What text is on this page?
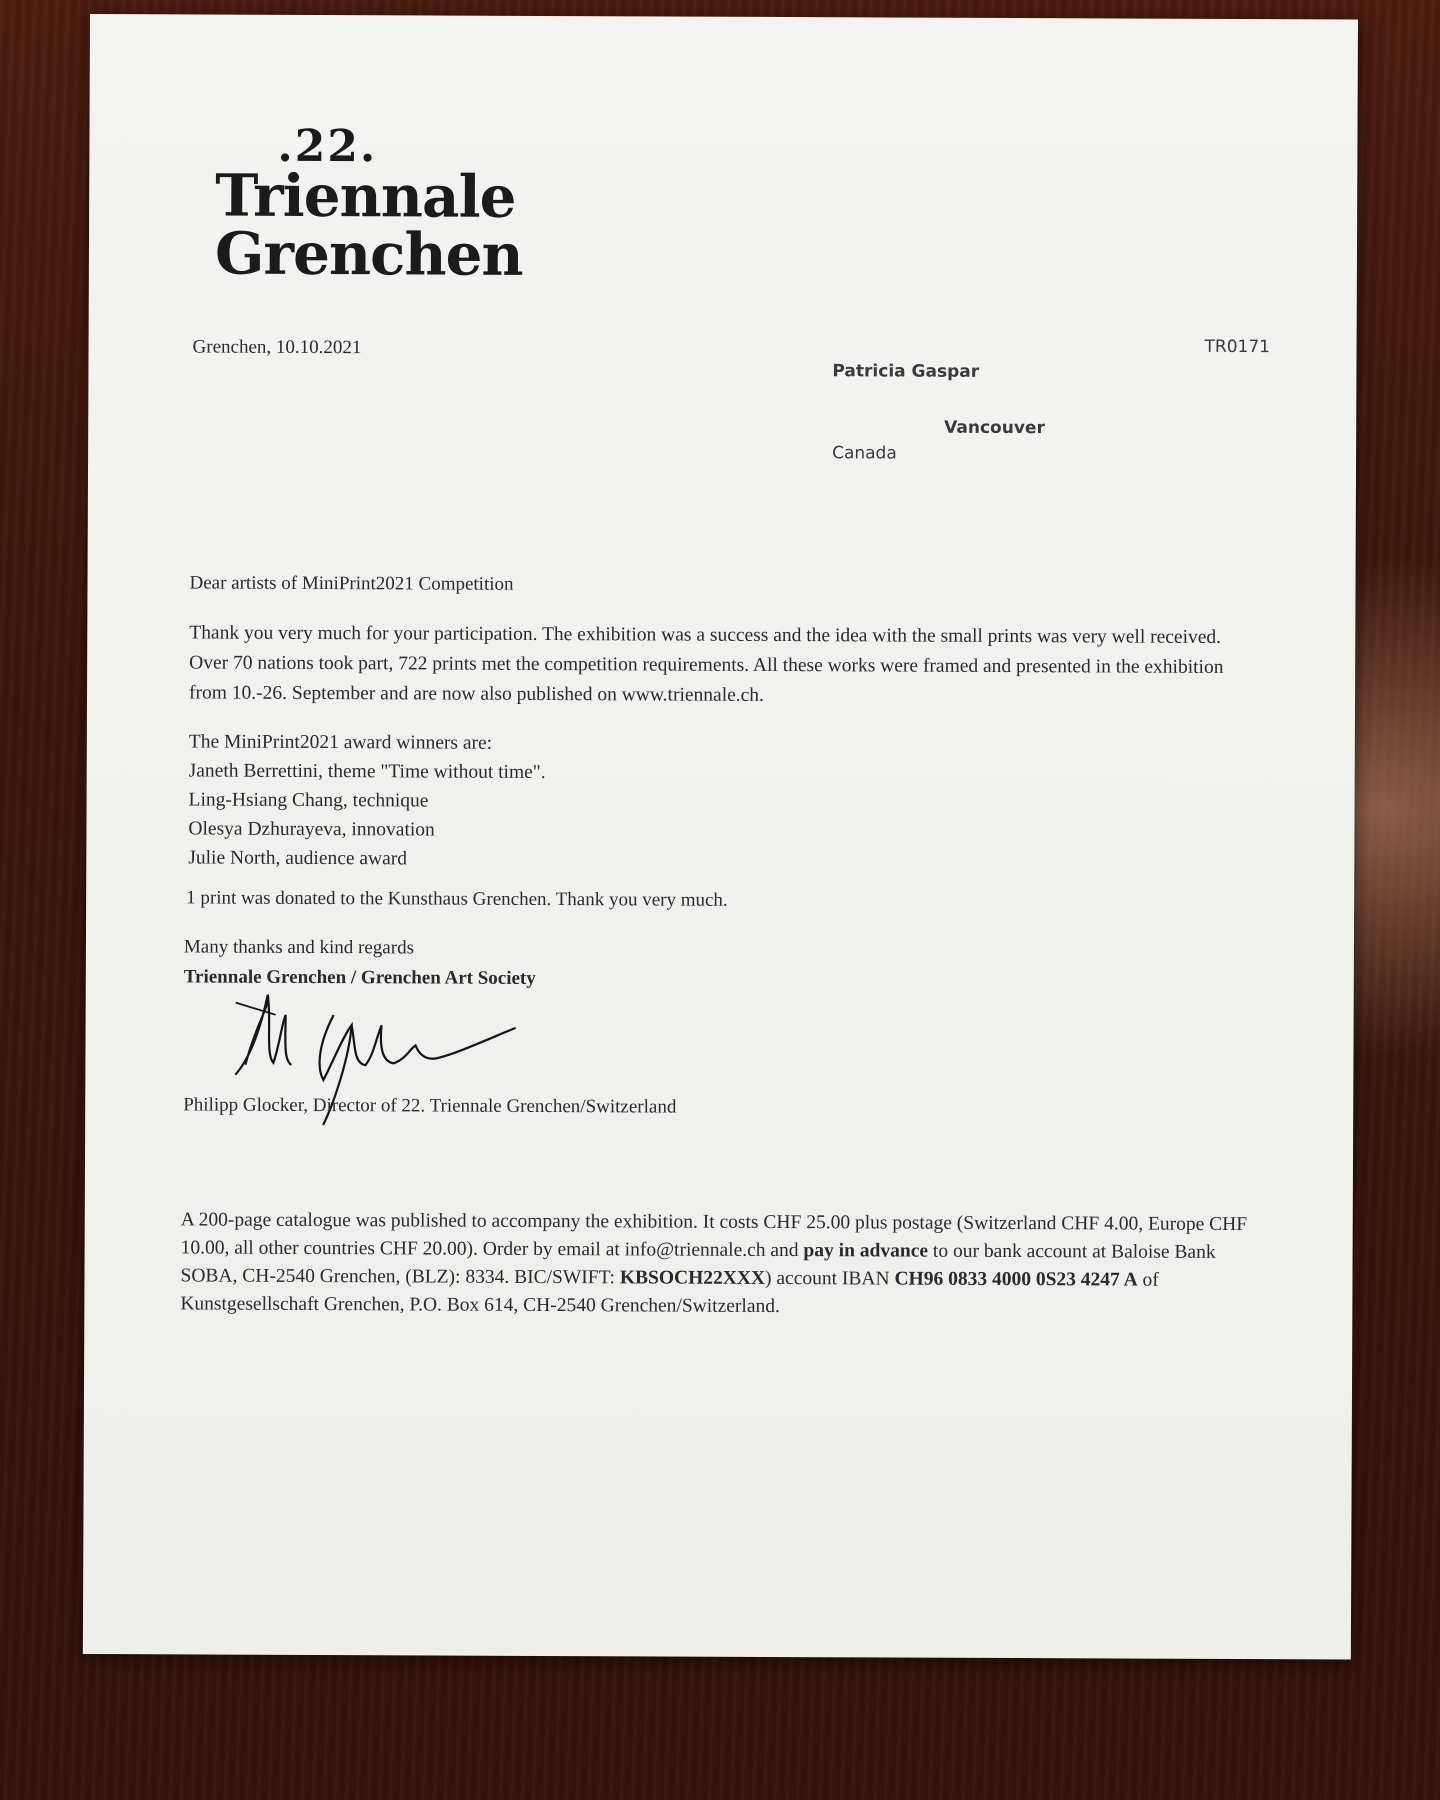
.22.
Triennale
Grenchen
Grenchen, 10.10.2021	TR0171
Patricia Gaspar
Vancouver
Canada
Dear artists of MiniPrint2021 Competition
Thank you very much for your participation. The exhibition was a success and the idea with the small prints was very well received. Over 70 nations took part, 722 prints met the competition requirements. All these works were framed and presented in the exhibition from 10.-26. September and are now also published on www.triennale.ch.
The MiniPrint2021 award winners are:
Janeth Berrettini, theme "Time without time".
Ling-Hsiang Chang, technique
Olesya Dzhurayeva, innovation
Julie North, audience award
1 print was donated to the Kunsthaus Grenchen. Thank you very much.
Many thanks and kind regards
Triennale Grenchen / Grenchen Art Society
Philipp Glocker, Director of 22. Triennale Grenchen/Switzerland
A 200-page catalogue was published to accompany the exhibition. It costs CHF 25.00 plus postage (Switzerland CHF 4.00, Europe CHF 10.00, all other countries CHF 20.00). Order by email at info@triennale.ch and pay in advance to our bank account at Baloise Bank SOBA, CH-2540 Grenchen, (BLZ): 8334. BIC/SWIFT: KBSOCH22XXX) account IBAN CH96 0833 4000 0S23 4247 A of Kunstgesellschaft Grenchen, P.O. Box 614, CH-2540 Grenchen/Switzerland.
